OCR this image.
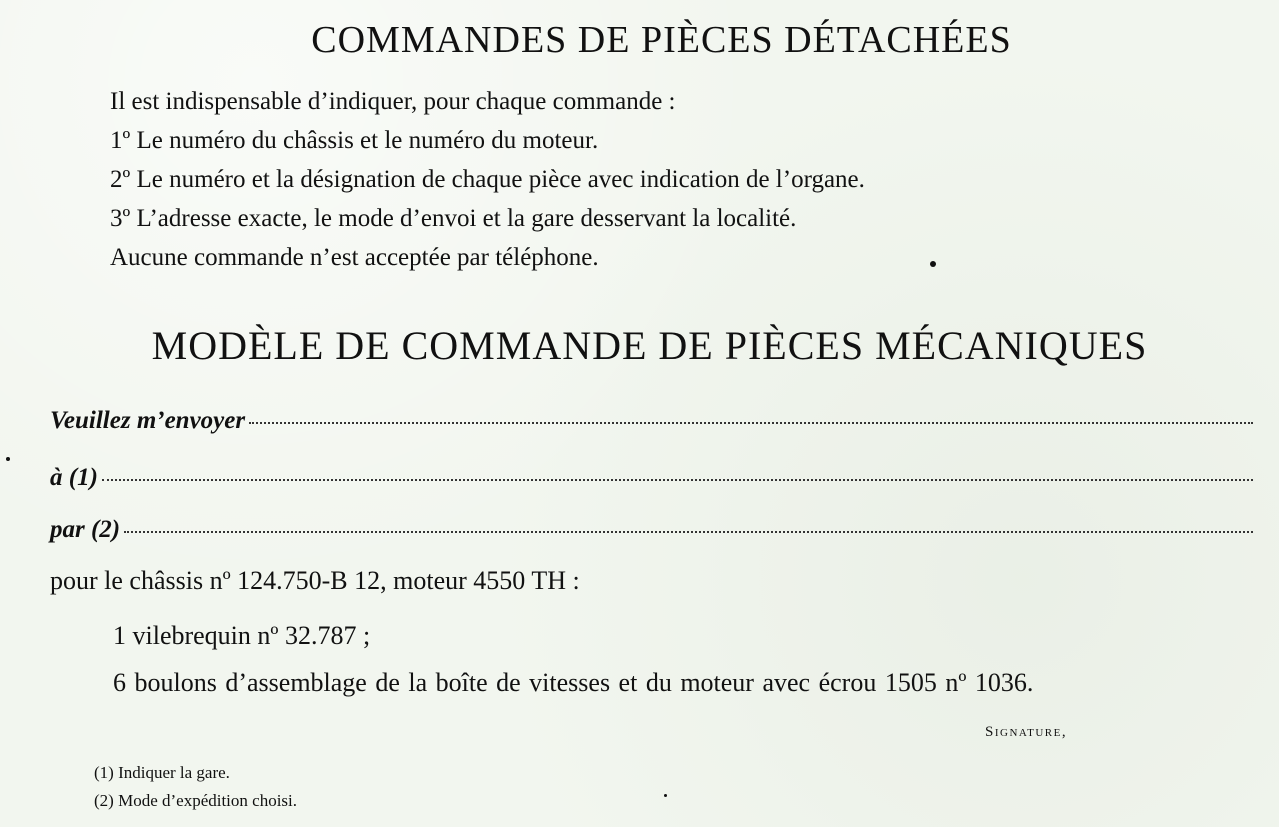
COMMANDES DE PIÈCES DÉTACHÉES
Il est indispensable d’indiquer, pour chaque commande :
1º Le numéro du châssis et le numéro du moteur.
2º Le numéro et la désignation de chaque pièce avec indication de l’organe.
3º L’adresse exacte, le mode d’envoi et la gare desservant la localité.
Aucune commande n’est acceptée par téléphone.
MODÈLE DE COMMANDE DE PIÈCES MÉCANIQUES
Veuillez m’envoyer
à (1)
par (2)
pour le châssis nº 124.750-B 12, moteur 4550 TH :
1 vilebrequin nº 32.787 ;
6 boulons d’assemblage de la boîte de vitesses et du moteur avec écrou 1505 nº 1036.
Signature,
(1) Indiquer la gare.
(2) Mode d’expédition choisi.
